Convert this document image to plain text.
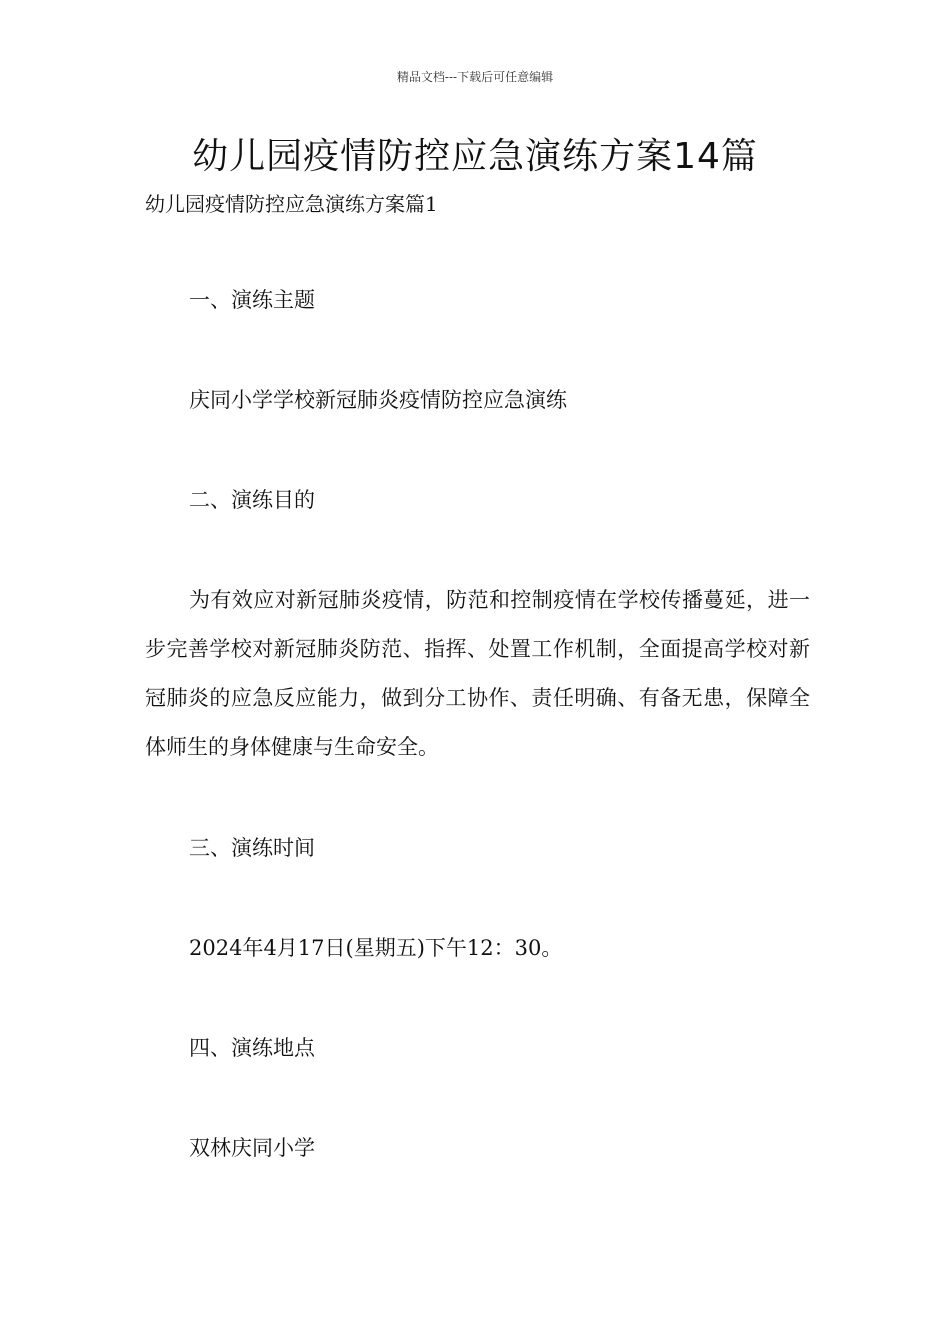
精品文档---下载后可任意编辑
幼儿园疫情防控应急演练方案14篇
幼儿园疫情防控应急演练方案篇1
一、演练主题
庆同小学学校新冠肺炎疫情防控应急演练
二、演练目的
为有效应对新冠肺炎疫情，防范和控制疫情在学校传播蔓延，进一步完善学校对新冠肺炎防范、指挥、处置工作机制，全面提高学校对新冠肺炎的应急反应能力，做到分工协作、责任明确、有备无患，保障全体师生的身体健康与生命安全。
三、演练时间
2024年4月17日(星期五)下午12：30。
四、演练地点
双林庆同小学
